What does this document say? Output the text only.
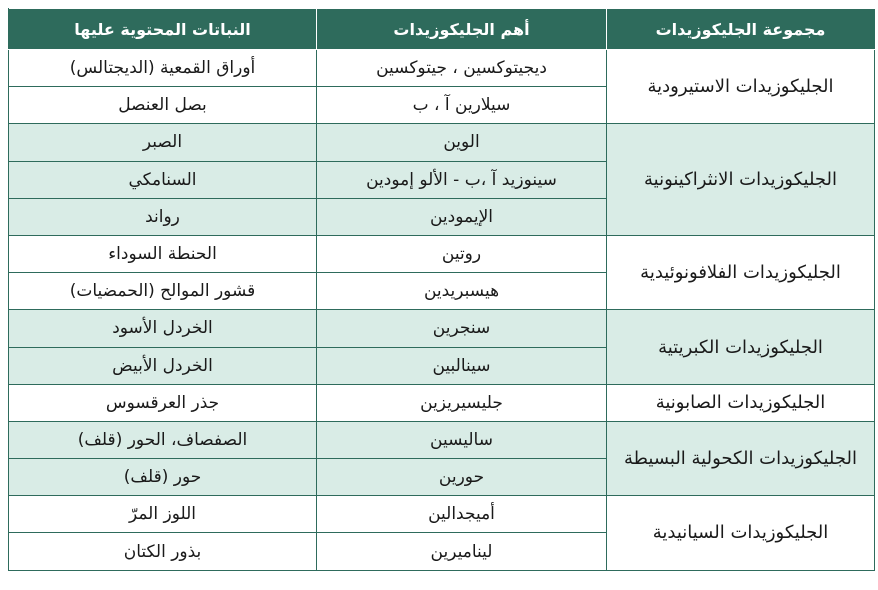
مجموعة الجليكوزيدات	أهم الجليكوزيدات	النباتات المحتوية عليها
الجليكوزيدات الاستيرودية	ديجيتوكسين ، جيتوكسين	أوراق القمعية (الديجتالس)
	سيلارين آ ، ب	بصل العنصل
الجليكوزيدات الانثراكينونية	الوين	الصبر
	سينوزيد آ ،ب - الألو إمودين	السنامكي
	الإيمودين	رواند
الجليكوزيدات الفلافونوئيدية	روتين	الحنطة السوداء
	هيسبريدين	قشور الموالح (الحمضيات)
الجليكوزيدات الكبريتية	سنجرين	الخردل الأسود
	سينالبين	الخردل الأبيض
الجليكوزيدات الصابونية	جليسيريزين	جذر العرقسوس
الجليكوزيدات الكحولية البسيطة	ساليسين	الصفصاف، الحور (قلف)
	حورين	حور (قلف)
الجليكوزيدات السيانيدية	أميجدالين	اللوز المرّ
	ليناميرين	بذور الكتان
